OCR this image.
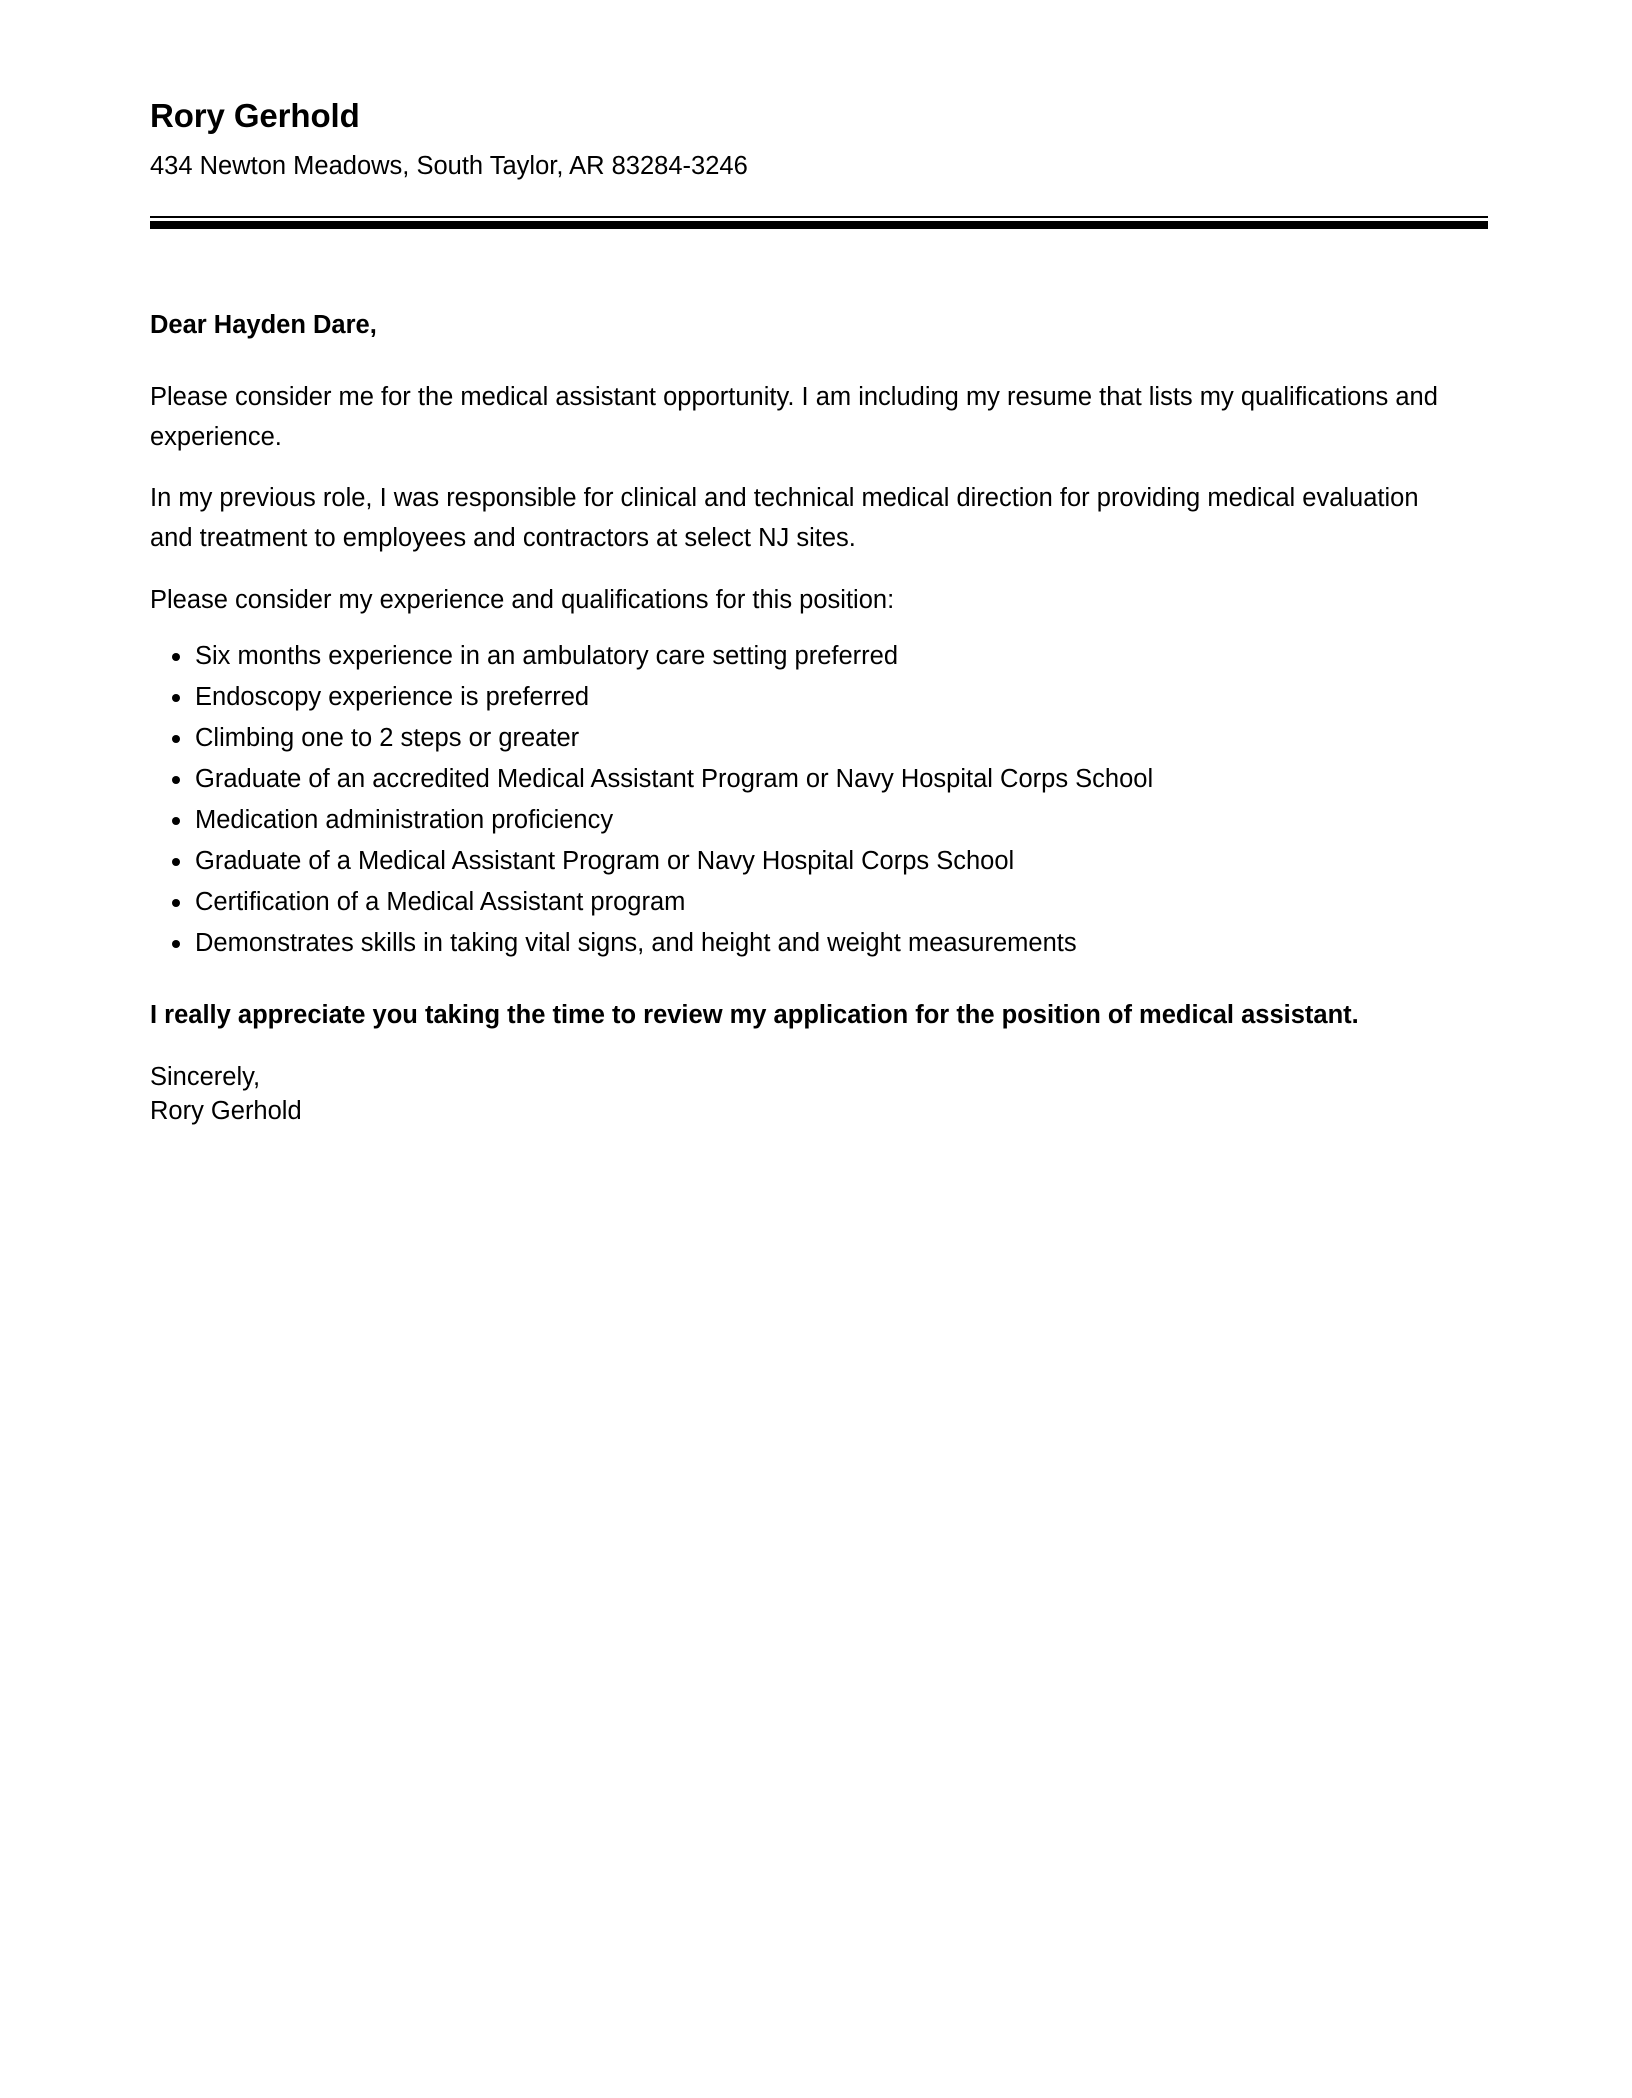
Rory Gerhold
434 Newton Meadows, South Taylor, AR 83284-3246

Dear Hayden Dare,

Please consider me for the medical assistant opportunity. I am including my resume that lists my qualifications and experience.

In my previous role, I was responsible for clinical and technical medical direction for providing medical evaluation and treatment to employees and contractors at select NJ sites.

Please consider my experience and qualifications for this position:

Six months experience in an ambulatory care setting preferred
Endoscopy experience is preferred
Climbing one to 2 steps or greater
Graduate of an accredited Medical Assistant Program or Navy Hospital Corps School
Medication administration proficiency
Graduate of a Medical Assistant Program or Navy Hospital Corps School
Certification of a Medical Assistant program
Demonstrates skills in taking vital signs, and height and weight measurements

I really appreciate you taking the time to review my application for the position of medical assistant.

Sincerely,
Rory Gerhold
